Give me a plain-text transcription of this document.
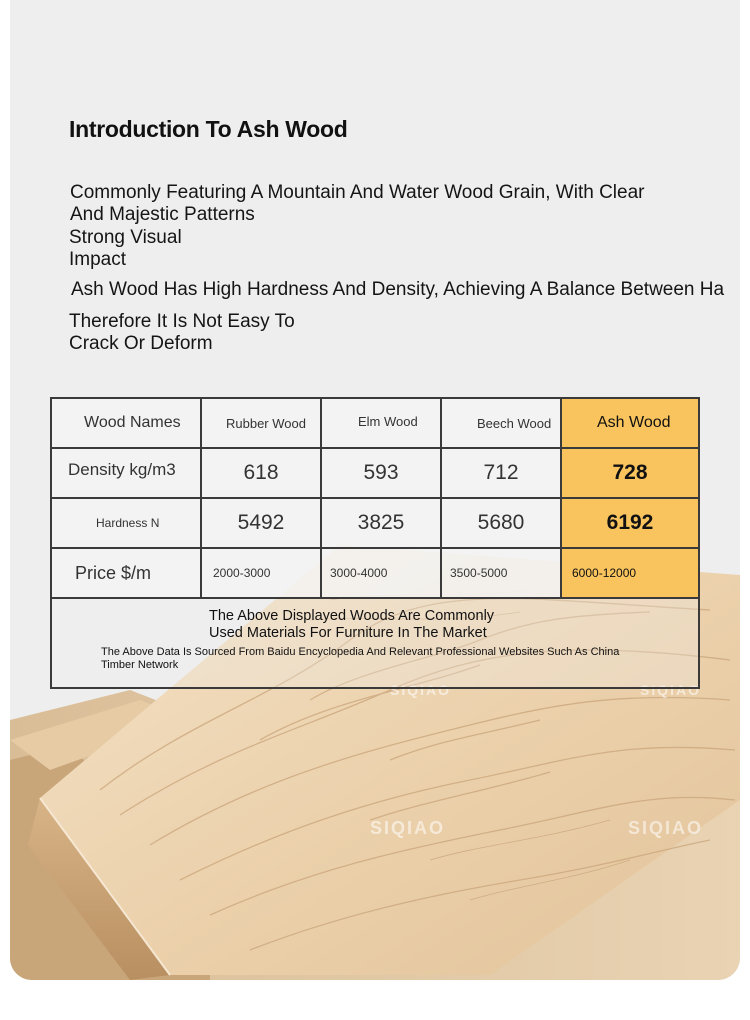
SIQIAO	SIQIAO
SIQIAO	SIQIAO
Introduction To Ash Wood
Commonly Featuring A Mountain And Water Wood Grain, With Clear
And Majestic Patterns
Strong Visual
Impact
Ash Wood Has High Hardness And Density, Achieving A Balance Between Ha
Therefore It Is Not Easy To
Crack Or Deform
Wood Names	Rubber Wood	Elm Wood	Beech Wood	Ash Wood
Density kg/m3	618	593	712	728
Hardness N	5492	3825	5680	6192
Price $/m	2000-3000	3000-4000	3500-5000	6000-12000

The Above Displayed Woods Are Commonly Used Materials For Furniture In The Market

The Above Data Is Sourced From Baidu Encyclopedia And Relevant Professional Websites Such As China Timber Network
